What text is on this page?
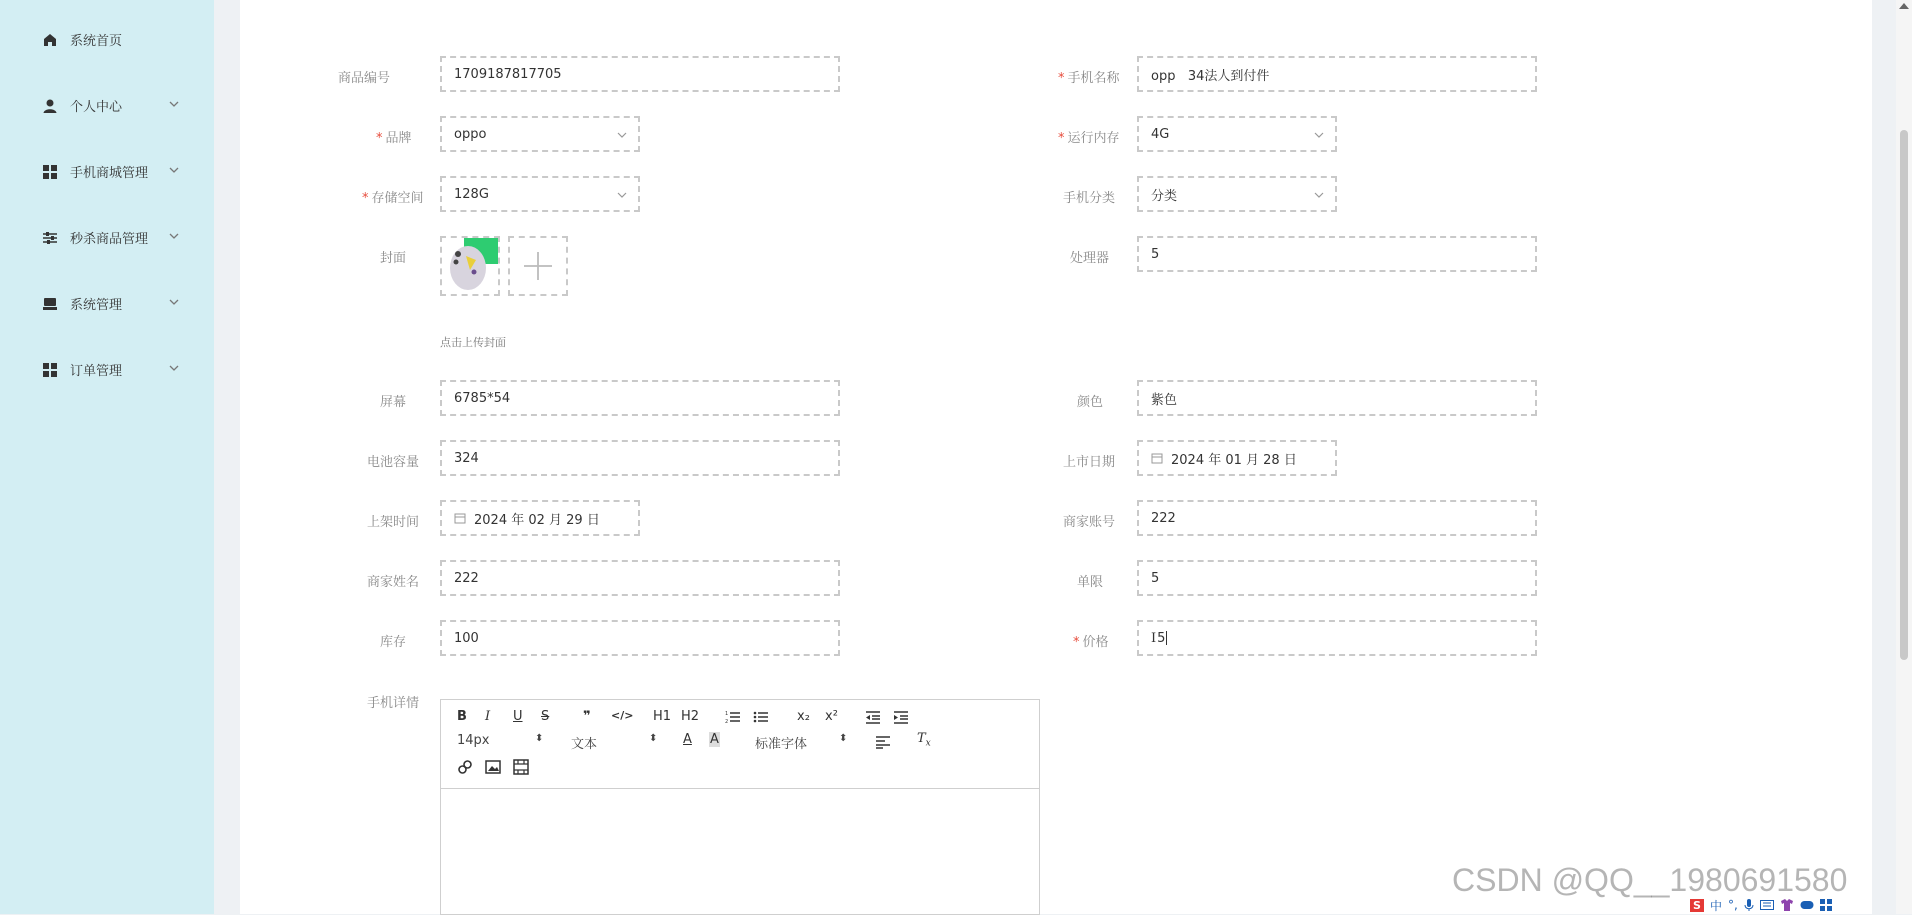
系统首页
个人中心
手机商城管理
秒杀商品管理
系统管理
订单管理
商品编号	1709187817705	* 手机名称 opp   34法人到付件
* 品牌	oppo	* 运行内存 4G
* 存储空间 128G	手机分类	分类
封面
点击上传封面
处理器	5
屏幕	6785*54	颜色	紫色
电池容量	324	上市日期	2024 年 01 月 28 日
上架时间	2024 年 02 月 29 日	商家账号	222
商家姓名	222	单限	5
库存	100	* 价格	I 5
手机详情
B I U S	❞ </> H1 H2	1
2	x₂ x²
14px	⬍ 文本	⬍ A A	标准字体	⬍	$T_x$
CSDN @QQ__1980691580
S 中 °,
